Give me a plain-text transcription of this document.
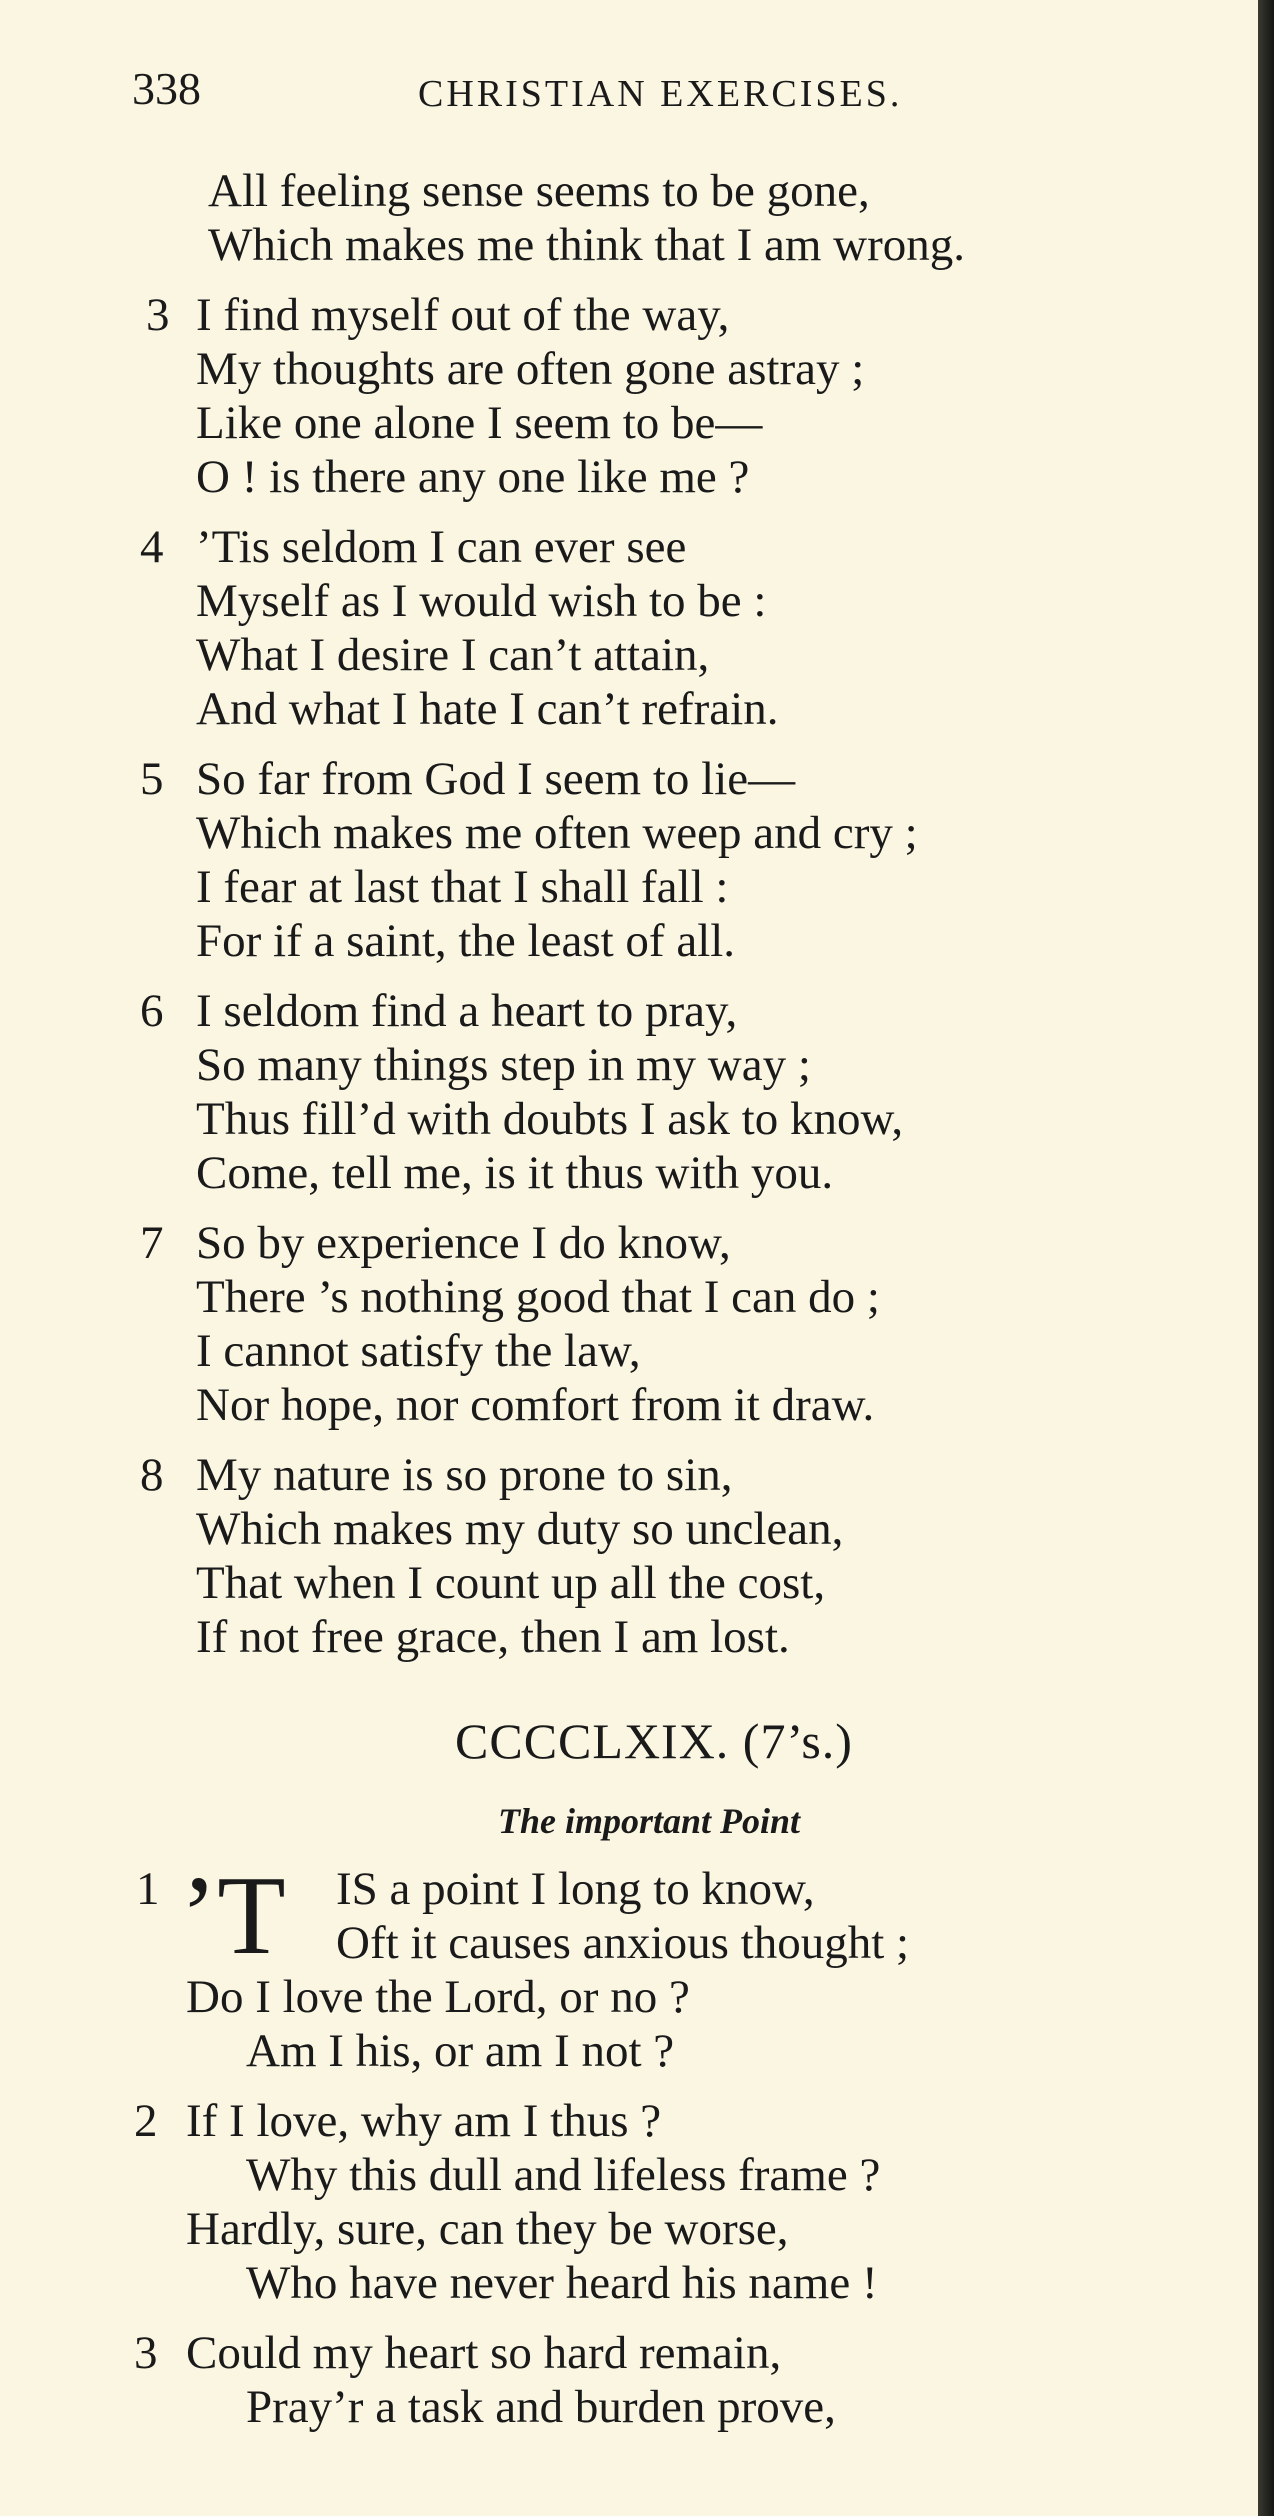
338	CHRISTIAN EXERCISES.
All feeling sense seems to be gone,
Which makes me think that I am wrong.
3 I find myself out of the way,
My thoughts are often gone astray ;
Like one alone I seem to be—
O ! is there any one like me ?
4 ’Tis seldom I can ever see
Myself as I would wish to be :
What I desire I can’t attain,
And what I hate I can’t refrain.
5 So far from God I seem to lie—
Which makes me often weep and cry ;
I fear at last that I shall fall :
For if a saint, the least of all.
6 I seldom find a heart to pray,
So many things step in my way ;
Thus fill’d with doubts I ask to know,
Come, tell me, is it thus with you.
7 So by experience I do know,
There ’s nothing good that I can do ;
I cannot satisfy the law,
Nor hope, nor comfort from it draw.
8 My nature is so prone to sin,
Which makes my duty so unclean,
That when I count up all the cost,
If not free grace, then I am lost.
CCCCLXIX. (7’s.)
The important Point
1 ’T IS a point I long to know,
Oft it causes anxious thought ;
Do I love the Lord, or no ?
Am I his, or am I not ?
2 If I love, why am I thus ?
Why this dull and lifeless frame ?
Hardly, sure, can they be worse,
Who have never heard his name !
3 Could my heart so hard remain,
Pray’r a task and burden prove,
